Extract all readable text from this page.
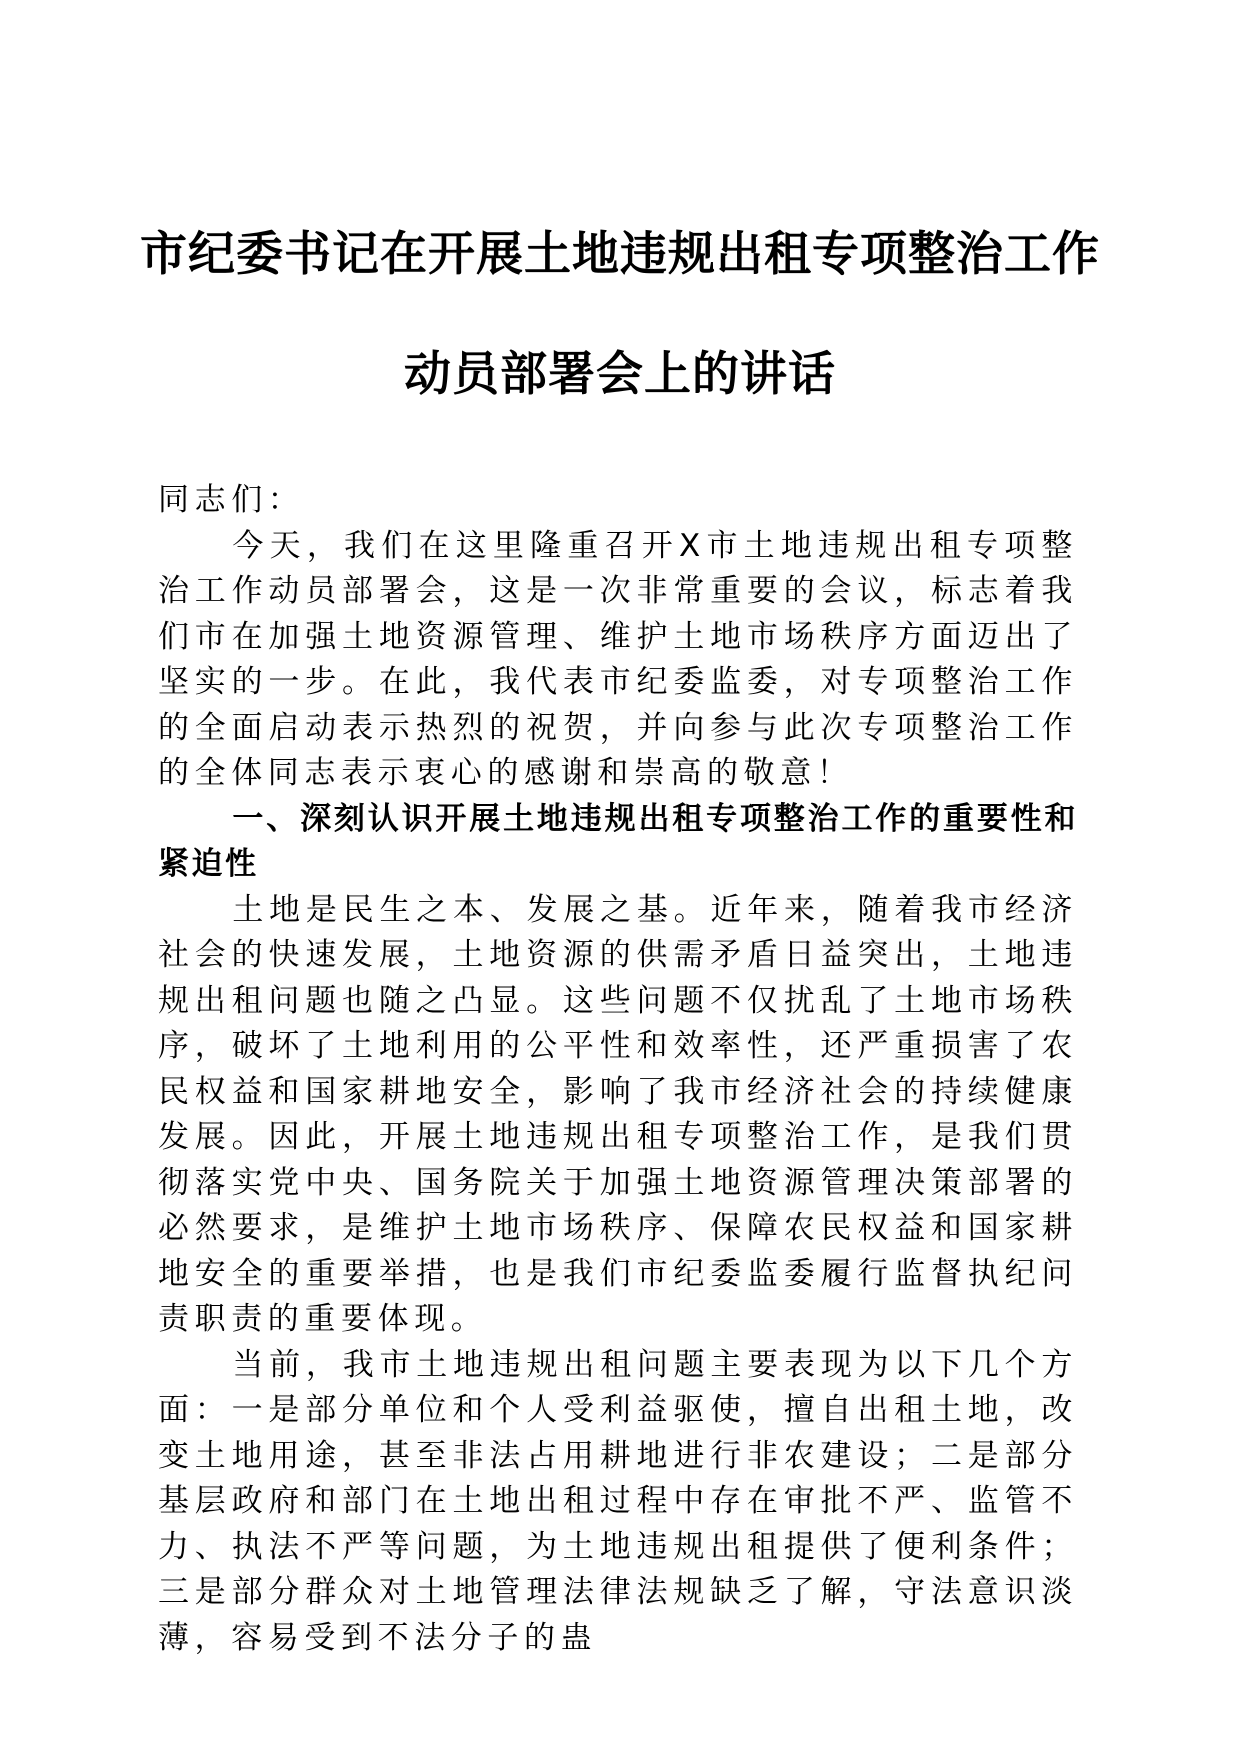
市纪委书记在开展土地违规出租专项整治工作
动员部署会上的讲话

同志们：

今天，我们在这里隆重召开X市土地违规出租专项整治工作动员部署会，这是一次非常重要的会议，标志着我们市在加强土地资源管理、维护土地市场秩序方面迈出了坚实的一步。在此，我代表市纪委监委，对专项整治工作的全面启动表示热烈的祝贺，并向参与此次专项整治工作的全体同志表示衷心的感谢和崇高的敬意！

一、深刻认识开展土地违规出租专项整治工作的重要性和紧迫性

土地是民生之本、发展之基。近年来，随着我市经济社会的快速发展，土地资源的供需矛盾日益突出，土地违规出租问题也随之凸显。这些问题不仅扰乱了土地市场秩序，破坏了土地利用的公平性和效率性，还严重损害了农民权益和国家耕地安全，影响了我市经济社会的持续健康发展。因此，开展土地违规出租专项整治工作，是我们贯彻落实党中央、国务院关于加强土地资源管理决策部署的必然要求，是维护土地市场秩序、保障农民权益和国家耕地安全的重要举措，也是我们市纪委监委履行监督执纪问责职责的重要体现。

当前，我市土地违规出租问题主要表现为以下几个方面：一是部分单位和个人受利益驱使，擅自出租土地，改变土地用途，甚至非法占用耕地进行非农建设；二是部分基层政府和部门在土地出租过程中存在审批不严、监管不力、执法不严等问题，为土地违规出租提供了便利条件；三是部分群众对土地管理法律法规缺乏了解，守法意识淡薄，容易受到不法分子的蛊
